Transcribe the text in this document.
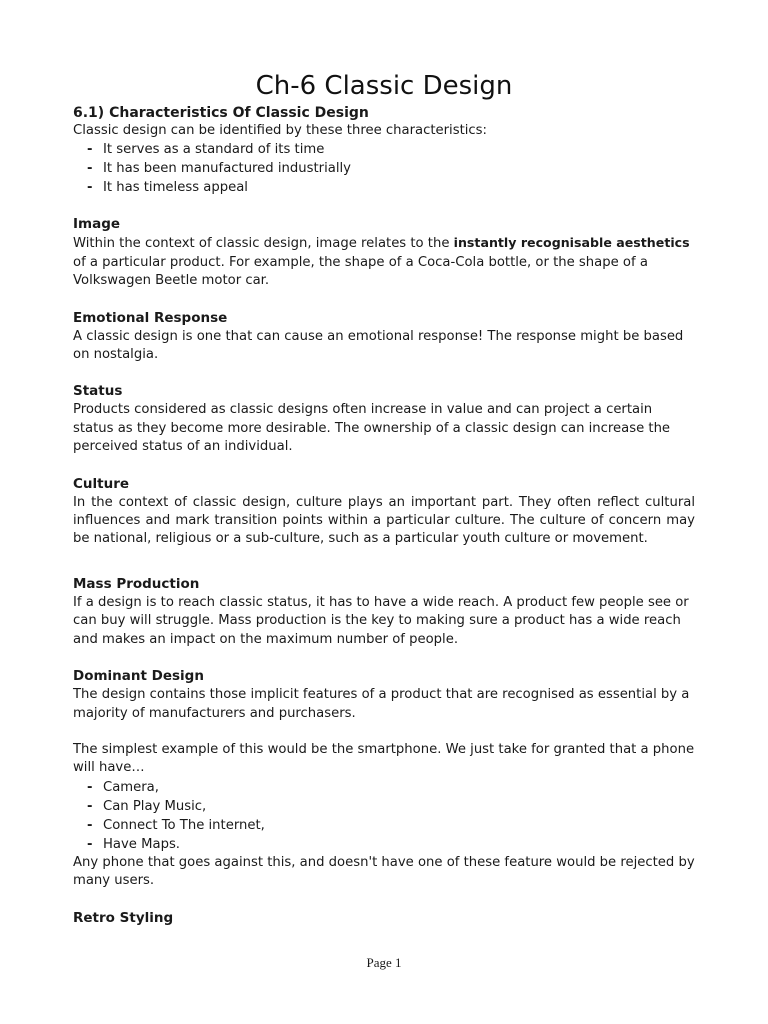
Ch-6 Classic Design
6.1) Characteristics Of Classic Design

Classic design can be identified by these three characteristics:

- It serves as a standard of its time
- It has been manufactured industrially
- It has timeless appeal
Image

Within the context of classic design, image relates to the instantly recognisable aesthetics of a particular product. For example, the shape of a Coca-Cola bottle, or the shape of a Volkswagen Beetle motor car.

Emotional Response

A classic design is one that can cause an emotional response! The response might be based on nostalgia.

Status

Products considered as classic designs often increase in value and can project a certain status as they become more desirable. The ownership of a classic design can increase the perceived status of an individual.

Culture

In the context of classic design, culture plays an important part. They often reflect cultural influences and mark transition points within a particular culture. The culture of concern may be national, religious or a sub-culture, such as a particular youth culture or movement.

Mass Production

If a design is to reach classic status, it has to have a wide reach. A product few people see or can buy will struggle. Mass production is the key to making sure a product has a wide reach and makes an impact on the maximum number of people.

Dominant Design

The design contains those implicit features of a product that are recognised as essential by a majority of manufacturers and purchasers.

The simplest example of this would be the smartphone. We just take for granted that a phone will have…

- Camera,
- Can Play Music,
- Connect To The internet,
- Have Maps.

Any phone that goes against this, and doesn't have one of these feature would be rejected by many users.

Retro Styling
Page 1
